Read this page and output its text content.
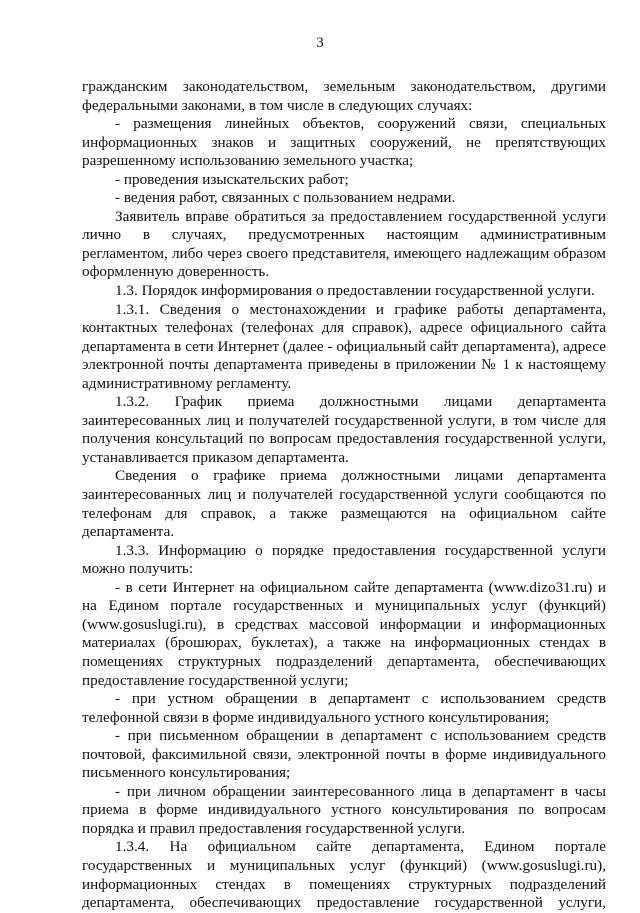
3
гражданским законодательством, земельным законодательством, другими
федеральными законами, в том числе в следующих случаях:
- размещения линейных объектов, сооружений связи, специальных
информационных знаков и защитных сооружений, не препятствующих
разрешенному использованию земельного участка;
- проведения изыскательских работ;
- ведения работ, связанных с пользованием недрами.
Заявитель вправе обратиться за предоставлением государственной услуги
лично в случаях, предусмотренных настоящим административным
регламентом, либо через своего представителя, имеющего надлежащим образом
оформленную доверенность.
1.3. Порядок информирования о предоставлении государственной услуги.
1.3.1. Сведения о местонахождении и графике работы департамента,
контактных телефонах (телефонах для справок), адресе официального сайта
департамента в сети Интернет (далее - официальный сайт департамента), адресе
электронной почты департамента приведены в приложении № 1 к настоящему
административному регламенту.
1.3.2. График приема должностными лицами департамента
заинтересованных лиц и получателей государственной услуги, в том числе для
получения консультаций по вопросам предоставления государственной услуги,
устанавливается приказом департамента.
Сведения о графике приема должностными лицами департамента
заинтересованных лиц и получателей государственной услуги сообщаются по
телефонам для справок, а также размещаются на официальном сайте
департамента.
1.3.3. Информацию о порядке предоставления государственной услуги
можно получить:
- в сети Интернет на официальном сайте департамента (www.dizo31.ru) и
на Едином портале государственных и муниципальных услуг (функций)
(www.gosuslugi.ru), в средствах массовой информации и информационных
материалах (брошюрах, буклетах), а также на информационных стендах в
помещениях структурных подразделений департамента, обеспечивающих
предоставление государственной услуги;
- при устном обращении в департамент с использованием средств
телефонной связи в форме индивидуального устного консультирования;
- при письменном обращении в департамент с использованием средств
почтовой, факсимильной связи, электронной почты в форме индивидуального
письменного консультирования;
- при личном обращении заинтересованного лица в департамент в часы
приема в форме индивидуального устного консультирования по вопросам
порядка и правил предоставления государственной услуги.
1.3.4. На официальном сайте департамента, Едином портале
государственных и муниципальных услуг (функций) (www.gosuslugi.ru),
информационных стендах в помещениях структурных подразделений
департамента, обеспечивающих предоставление государственной услуги,
